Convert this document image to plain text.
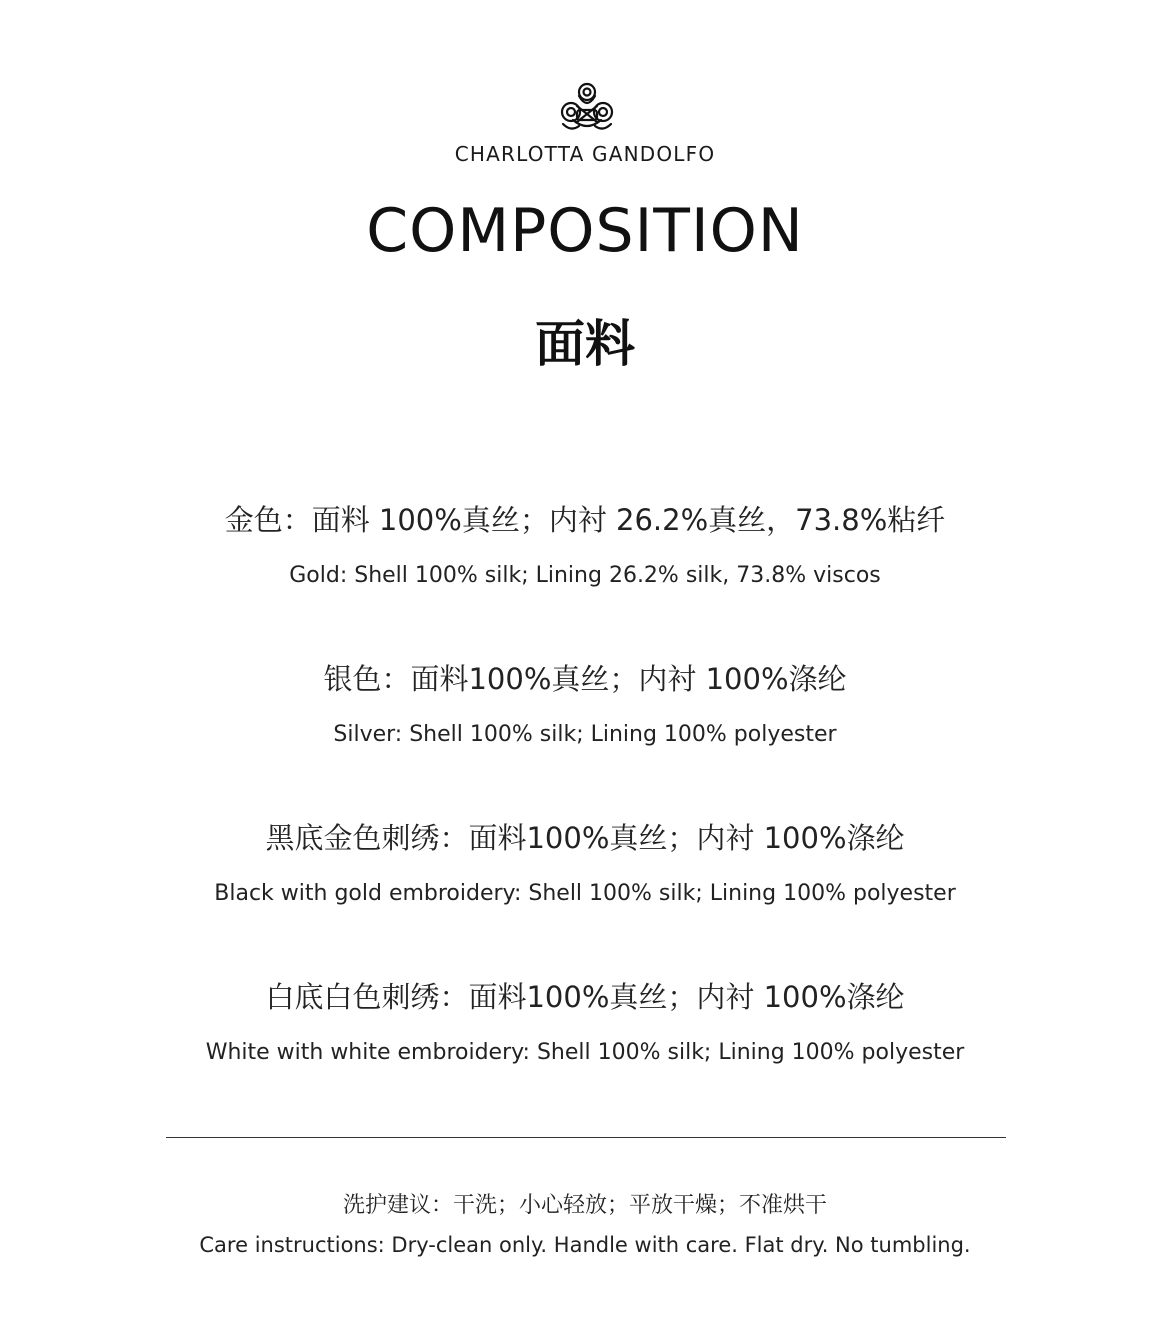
CHARLOTTA GANDOLFO
COMPOSITION
面料
金色：面料 100%真丝；内衬 26.2%真丝，73.8%粘纤
Gold: Shell 100% silk; Lining 26.2% silk, 73.8% viscos
银色：面料100%真丝；内衬 100%涤纶
Silver: Shell 100% silk; Lining 100% polyester
黑底金色刺绣：面料100%真丝；内衬 100%涤纶
Black with gold embroidery: Shell 100% silk; Lining 100% polyester
白底白色刺绣：面料100%真丝；内衬 100%涤纶
White with white embroidery: Shell 100% silk; Lining 100% polyester
洗护建议：干洗；小心轻放；平放干燥；不准烘干
Care instructions: Dry-clean only. Handle with care. Flat dry. No tumbling.
